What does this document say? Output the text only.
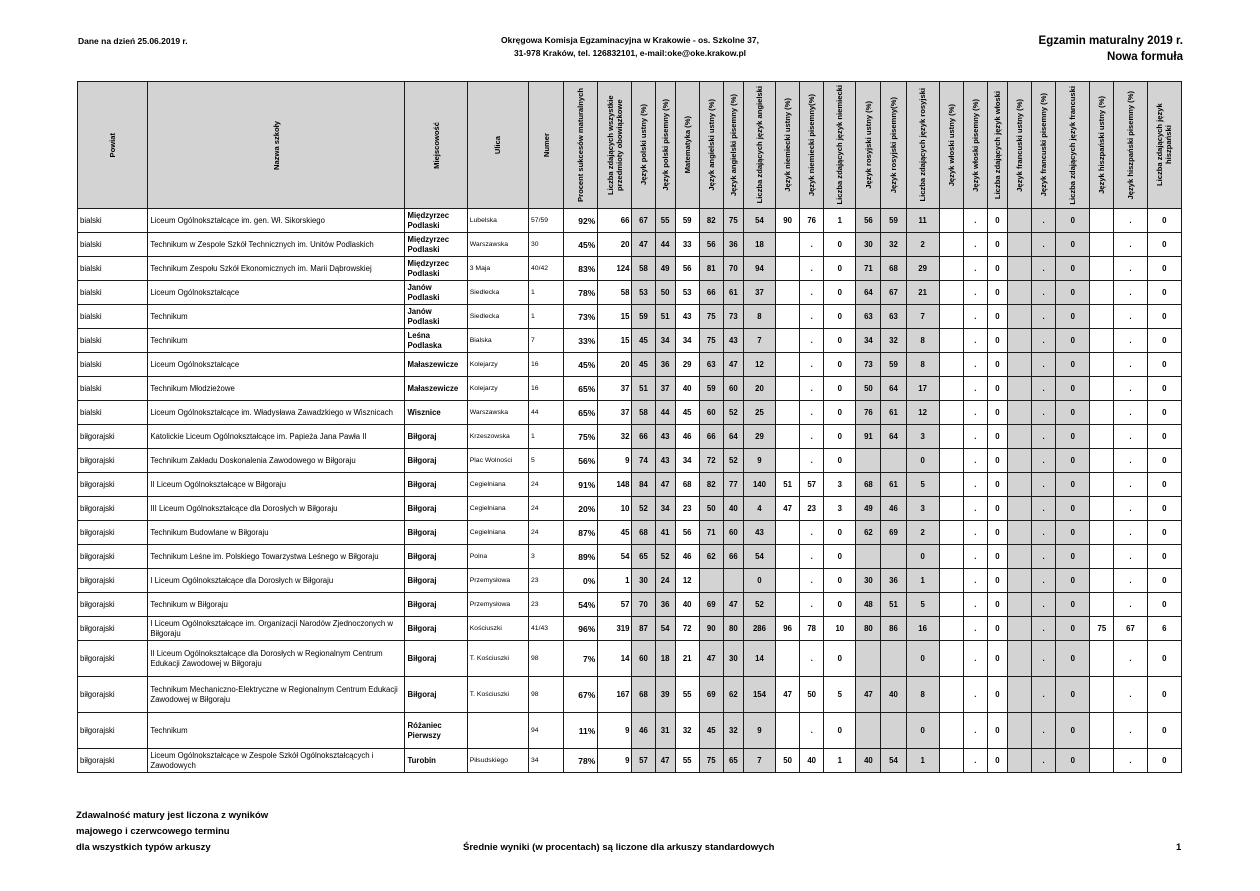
Dane na dzień 25.06.2019 r.	Okręgowa Komisja Egzaminacyjna w Krakowie - os. Szkolne 37,
31-978 Kraków, tel. 126832101, e-mail:oke@oke.krakow.pl
Egzamin maturalny 2019 r.
Nowa formuła
Powiat	Nazwa szkoły	Miejscowość	Ulica	Numer	Procent sukcesów maturalnych	Liczba zdających wszystkie przedmioty obowiązkowe	Język polski ustny (%)	Język polski pisemny (%)	Matematyka (%)	Język angielski ustny (%)	Język angielski pisemny (%)	Liczba zdających język angielski	Język niemiecki ustny (%)	Język niemiecki pisemny(%)	Liczba zdających język niemiecki	Język rosyjski ustny (%)	Język rosyjski pisemny(%)	Liczba zdających język rosyjski	Język włoski ustny (%)	Język włoski pisemny (%)	Liczba zdających język włoski	Język francuski ustny (%)	Język francuski pisemny (%)	Liczba zdających język francuski	Język hiszpański ustny (%)	Język hiszpański pisemny (%)	Liczba zdających język hiszpański

bialski	Liceum Ogólnokształcące im. gen. Wł. Sikorskiego	Międzyrzec Podlaski	Lubelska	57/59	92%	66	67	55	59	82	75	54	90	76	1	56	59	11		.	0		.	0		.	0
bialski	Technikum w Zespole Szkół Technicznych im. Unitów Podlaskich	Międzyrzec Podlaski	Warszawska	30	45%	20	47	44	33	56	36	18		.	0	30	32	2		.	0		.	0		.	0
bialski	Technikum Zespołu Szkół Ekonomicznych im. Marii Dąbrowskiej	Międzyrzec Podlaski	3 Maja	40/42	83%	124	58	49	56	81	70	94		.	0	71	68	29		.	0		.	0		.	0
bialski	Liceum Ogólnokształcące	Janów Podlaski	Siedlecka	1	78%	58	53	50	53	66	61	37		.	0	64	67	21		.	0		.	0		.	0
bialski	Technikum	Janów Podlaski	Siedlecka	1	73%	15	59	51	43	75	73	8		.	0	63	63	7		.	0		.	0		.	0
bialski	Technikum	Leśna Podlaska	Bialska	7	33%	15	45	34	34	75	43	7		.	0	34	32	8		.	0		.	0		.	0
bialski	Liceum Ogólnokształcące	Małaszewicze	Kolejarzy	16	45%	20	45	36	29	63	47	12		.	0	73	59	8		.	0		.	0		.	0
bialski	Technikum Młodzieżowe	Małaszewicze	Kolejarzy	16	65%	37	51	37	40	59	60	20		.	0	50	64	17		.	0		.	0		.	0
bialski	Liceum Ogólnokształcące im. Władysława Zawadzkiego w Wisznicach	Wisznice	Warszawska	44	65%	37	58	44	45	60	52	25		.	0	76	61	12		.	0		.	0		.	0
biłgorajski	Katolickie Liceum Ogólnokształcące im. Papieża Jana Pawła II	Biłgoraj	Krzeszowska	1	75%	32	66	43	46	66	64	29		.	0	91	64	3		.	0		.	0		.	0
biłgorajski	Technikum Zakładu Doskonalenia Zawodowego w Biłgoraju	Biłgoraj	Plac Wolności	5	56%	9	74	43	34	72	52	9		.	0			0		.	0		.	0		.	0
biłgorajski	II Liceum Ogólnokształcące w Biłgoraju	Biłgoraj	Cegielniana	24	91%	148	84	47	68	82	77	140	51	57	3	68	61	5		.	0		.	0		.	0
biłgorajski	III Liceum Ogólnokształcące dla Dorosłych w Biłgoraju	Biłgoraj	Cegielniana	24	20%	10	52	34	23	50	40	4	47	23	3	49	46	3		.	0		.	0		.	0
biłgorajski	Technikum Budowlane w Biłgoraju	Biłgoraj	Cegielniana	24	87%	45	68	41	56	71	60	43		.	0	62	69	2		.	0		.	0		.	0
biłgorajski	Technikum Leśne im. Polskiego Towarzystwa Leśnego w Biłgoraju	Biłgoraj	Polna	3	89%	54	65	52	46	62	66	54		.	0			0		.	0		.	0		.	0
biłgorajski	I Liceum Ogólnokształcące dla Dorosłych w Biłgoraju	Biłgoraj	Przemysłowa	23	0%	1	30	24	12			0		.	0	30	36	1		.	0		.	0		.	0
biłgorajski	Technikum w Biłgoraju	Biłgoraj	Przemysłowa	23	54%	57	70	36	40	69	47	52		.	0	48	51	5		.	0		.	0		.	0
biłgorajski	I Liceum Ogólnokształcące im. Organizacji Narodów Zjednoczonych w Biłgoraju	Biłgoraj	Kościuszki	41/43	96%	319	87	54	72	90	80	286	96	78	10	80	86	16		.	0		.	0	75	67	6
biłgorajski	II Liceum Ogólnokształcące dla Dorosłych w Regionalnym Centrum Edukacji Zawodowej w Biłgoraju	Biłgoraj	T. Kościuszki	98	7%	14	60	18	21	47	30	14		.	0			0		.	0		.	0		.	0
biłgorajski	Technikum Mechaniczno-Elektryczne w Regionalnym Centrum Edukacji Zawodowej w Biłgoraju	Biłgoraj	T. Kościuszki	98	67%	167	68	39	55	69	62	154	47	50	5	47	40	8		.	0		.	0		.	0
biłgorajski	Technikum	Różaniec Pierwszy		94	11%	9	46	31	32	45	32	9		.	0			0		.	0		.	0		.	0
biłgorajski	Liceum Ogólnokształcące w Zespole Szkół Ogólnokształcących i Zawodowych	Turobin	Piłsudskiego	34	78%	9	57	47	55	75	65	7	50	40	1	40	54	1		.	0		.	0		.	0
Zdawalność matury jest liczona z wyników
majowego i czerwcowego terminu
dla wszystkich typów arkuszy	Średnie wyniki (w procentach) są liczone dla arkuszy standardowych	1
